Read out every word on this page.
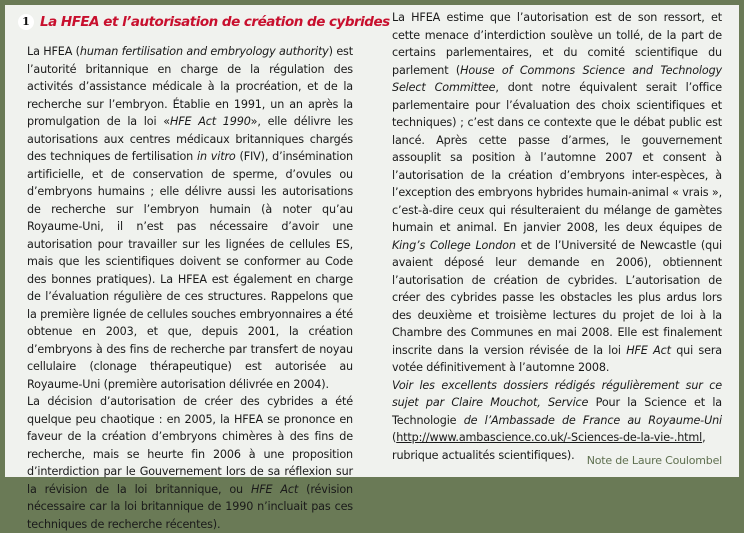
1 La HFEA et l’autorisation de création de cybrides

La HFEA (human fertilisation and embryology authority) est l’autorité britannique en charge de la régulation des activités d’assistance médicale à la procréation, et de la recherche sur l’embryon. Établie en 1991, un an après la promulgation de la loi «HFE Act 1990», elle délivre les autorisations aux centres médicaux britanniques chargés des techniques de fertilisation in vitro (FIV), d’insémination artificielle, et de conservation de sperme, d’ovules ou d’embryons humains ; elle délivre aussi les autorisations de recherche sur l’embryon humain (à noter qu’au Royaume-Uni, il n’est pas nécessaire d’avoir une autorisation pour travailler sur les lignées de cellules ES, mais que les scientifiques doivent se conformer au Code des bonnes pratiques). La HFEA est également en charge de l’évaluation régulière de ces structures. Rappelons que la première lignée de cellules souches embryonnaires a été obtenue en 2003, et que, depuis 2001, la création d’embryons à des fins de recherche par transfert de noyau cellulaire (clonage thérapeutique) est autorisée au Royaume-Uni (première autorisation délivrée en 2004).

La décision d’autorisation de créer des cybrides a été quelque peu chaotique : en 2005, la HFEA se prononce en faveur de la création d’embryons chimères à des fins de recherche, mais se heurte fin 2006 à une proposition d’interdiction par le Gouvernement lors de sa réflexion sur la révision de la loi britannique, ou HFE Act (révision nécessaire car la loi britannique de 1990 n’incluait pas ces techniques de recherche récentes).

La HFEA estime que l’autorisation est de son ressort, et cette menace d’interdiction soulève un tollé, de la part de certains parlementaires, et du comité scientifique du parlement (House of Commons Science and Technology Select Committee, dont notre équivalent serait l’office parlementaire pour l’évaluation des choix scientifiques et techniques) ; c’est dans ce contexte que le débat public est lancé. Après cette passe d’armes, le gouvernement assouplit sa position à l’automne 2007 et consent à l’autorisation de la création d’embryons inter-espèces, à l’exception des embryons hybrides humain-animal « vrais », c’est-à-dire ceux qui résulteraient du mélange de gamètes humain et animal. En janvier 2008, les deux équipes de King’s College London et de l’Université de Newcastle (qui avaient déposé leur demande en 2006), obtiennent l’autorisation de création de cybrides. L’autorisation de créer des cybrides passe les obstacles les plus ardus lors des deuxième et troisième lectures du projet de loi à la Chambre des Communes en mai 2008. Elle est finalement inscrite dans la version révisée de la loi HFE Act qui sera votée définitivement à l’automne 2008.

Voir les excellents dossiers rédigés régulièrement sur ce sujet par Claire Mouchot, Service Pour la Science et la Technologie de l’Ambassade de France au Royaume-Uni (http://www.ambascience.co.uk/-Sciences-de-la-vie-.html, rubrique actualités scientifiques).	Note de Laure Coulombel
